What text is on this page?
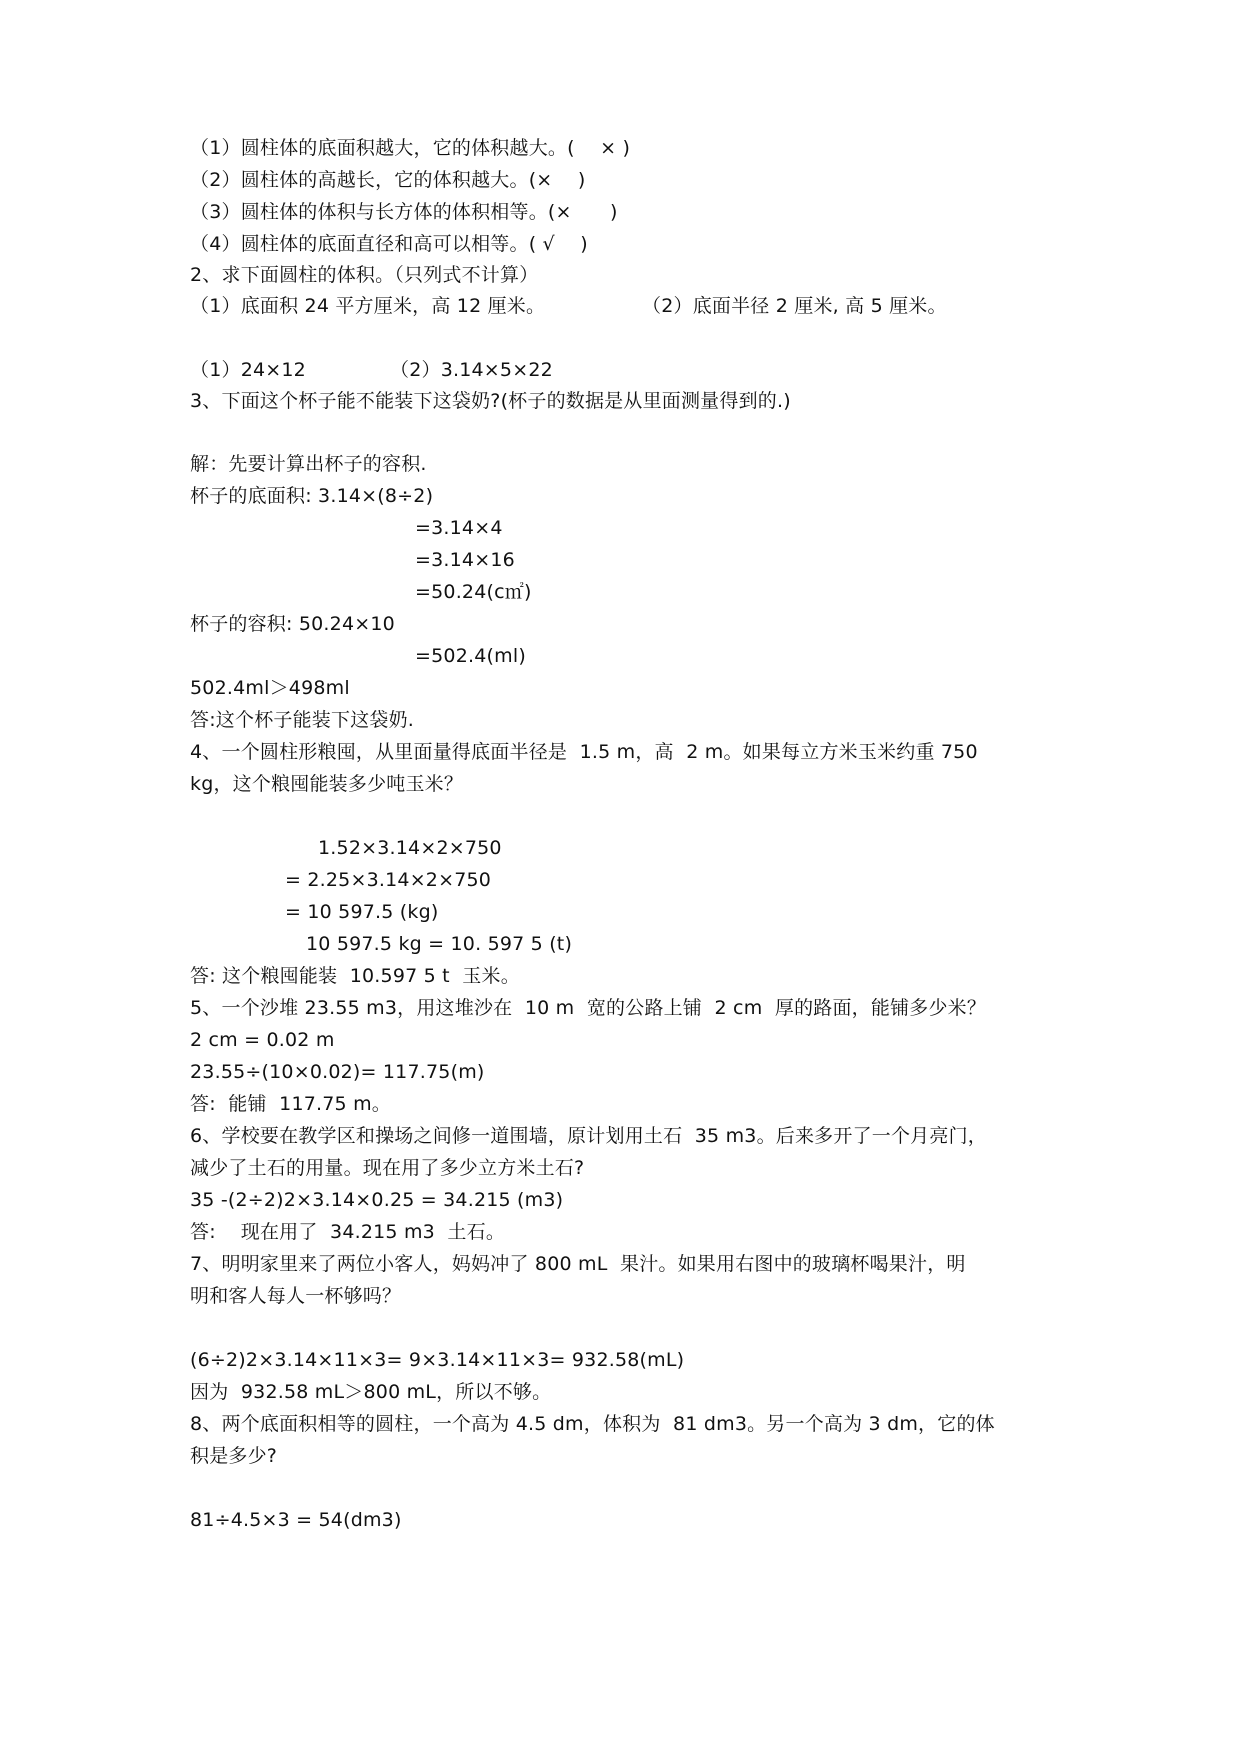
（1）圆柱体的底面积越大，它的体积越大。(　 × )
（2）圆柱体的高越长，它的体积越大。(×　 )
（3）圆柱体的体积与长方体的体积相等。(×　　)
（4）圆柱体的底面直径和高可以相等。( √　 )
2、求下面圆柱的体积。（只列式不计算）
（1）底面积 24 平方厘米，高 12 厘米。	（2）底面半径 2 厘米, 高 5 厘米。
（1）24×12	（2）3.14×5×22
3、下面这个杯子能不能装下这袋奶?(杯子的数据是从里面测量得到的.)
解：先要计算出杯子的容积.
杯子的底面积: 3.14×(8÷2)
=3.14×4
=3.14×16
=50.24(c㎡)
杯子的容积: 50.24×10
=502.4(ml)
502.4ml＞498ml
答:这个杯子能装下这袋奶.
4、一个圆柱形粮囤，从里面量得底面半径是  1.5 m，高  2 m。如果每立方米玉米约重 750
kg，这个粮囤能装多少吨玉米？
1.52×3.14×2×750
= 2.25×3.14×2×750
= 10 597.5 (kg)
10 597.5 kg = 10. 597 5 (t)
答: 这个粮囤能装  10.597 5 t  玉米。
5、一个沙堆 23.55 m3，用这堆沙在  10 m  宽的公路上铺  2 cm  厚的路面，能铺多少米？
2 cm = 0.02 m
23.55÷(10×0.02)= 117.75(m)
答:  能铺  117.75 m。
6、学校要在教学区和操场之间修一道围墙，原计划用土石  35 m3。后来多开了一个月亮门，
减少了土石的用量。现在用了多少立方米土石?
35 -(2÷2)2×3.14×0.25 = 34.215 (m3)
答:    现在用了  34.215 m3  土石。
7、明明家里来了两位小客人，妈妈冲了 800 mL  果汁。如果用右图中的玻璃杯喝果汁，明
明和客人每人一杯够吗？
(6÷2)2×3.14×11×3= 9×3.14×11×3= 932.58(mL)
因为  932.58 mL＞800 mL，所以不够。
8、两个底面积相等的圆柱，一个高为 4.5 dm，体积为  81 dm3。另一个高为 3 dm，它的体
积是多少?
81÷4.5×3 = 54(dm3)
